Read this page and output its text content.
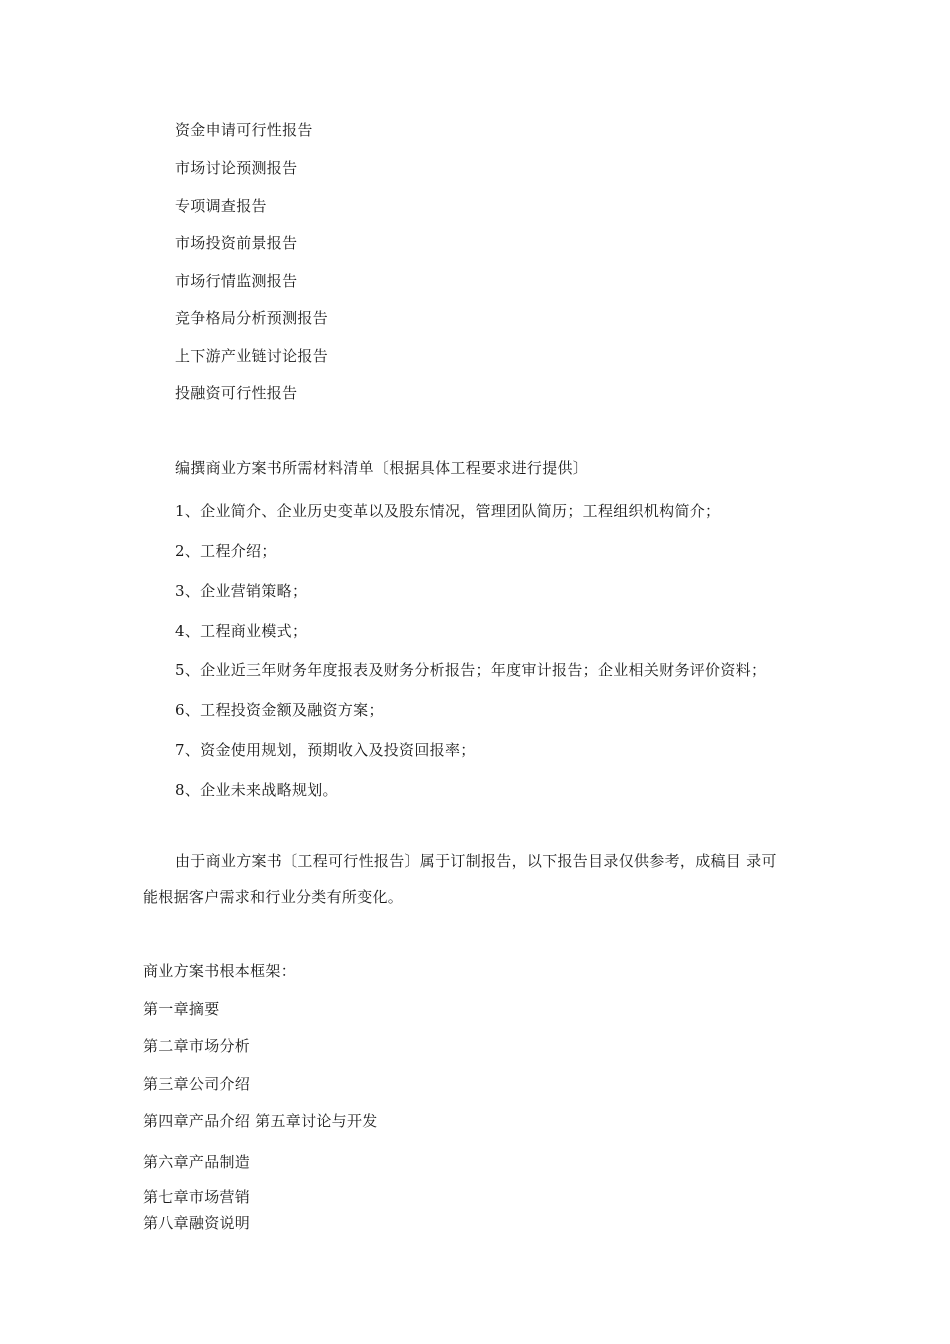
资金申请可行性报告
市场讨论预测报告
专项调查报告
市场投资前景报告
市场行情监测报告
竞争格局分析预测报告
上下游产业链讨论报告
投融资可行性报告
编撰商业方案书所需材料清单〔根据具体工程要求进行提供〕
1、企业简介、企业历史变革以及股东情况，管理团队简历；工程组织机构简介；
2、工程介绍；
3、企业营销策略；
4、工程商业模式；
5、企业近三年财务年度报表及财务分析报告；年度审计报告；企业相关财务评价资料；
6、工程投资金额及融资方案；
7、资金使用规划，预期收入及投资回报率；
8、企业未来战略规划。
由于商业方案书〔工程可行性报告〕属于订制报告，以下报告目录仅供参考，成稿目 录可
能根据客户需求和行业分类有所变化。
商业方案书根本框架：
第一章摘要
第二章市场分析
第三章公司介绍
第四章产品介绍 第五章讨论与开发
第六章产品制造
第七章市场营销
第八章融资说明
